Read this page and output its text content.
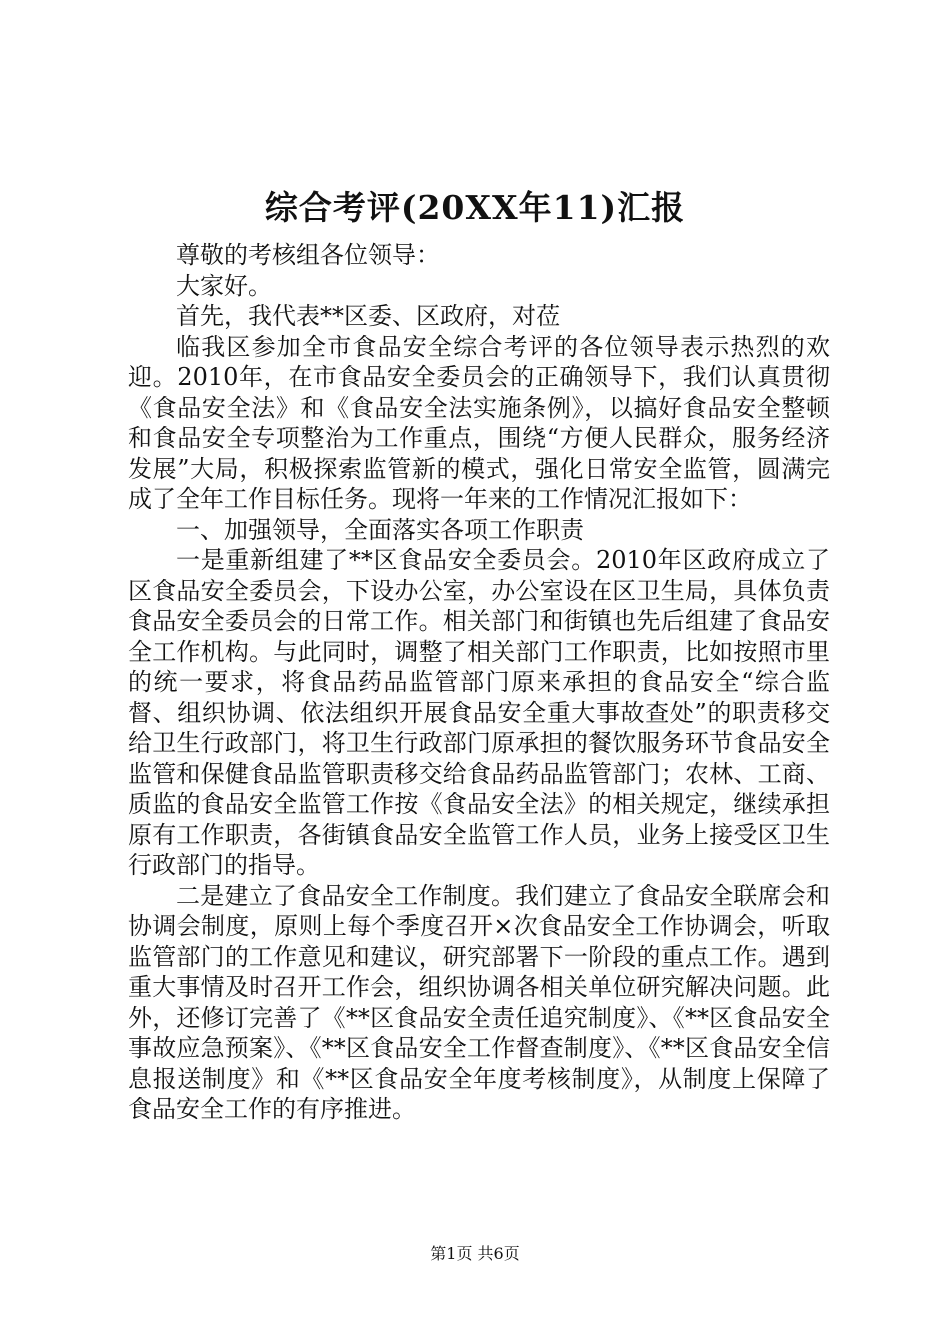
综合考评(20XX年11)汇报

尊敬的考核组各位领导：

大家好。

首先，我代表**区委、区政府，对莅

临我区参加全市食品安全综合考评的各位领导表示热烈的欢迎。2010年，在市食品安全委员会的正确领导下，我们认真贯彻《食品安全法》和《食品安全法实施条例》，以搞好食品安全整顿和食品安全专项整治为工作重点，围绕“方便人民群众，服务经济发展”大局，积极探索监管新的模式，强化日常安全监管，圆满完成了全年工作目标任务。现将一年来的工作情况汇报如下：

一、加强领导，全面落实各项工作职责

一是重新组建了**区食品安全委员会。2010年区政府成立了区食品安全委员会，下设办公室，办公室设在区卫生局，具体负责食品安全委员会的日常工作。相关部门和街镇也先后组建了食品安全工作机构。与此同时，调整了相关部门工作职责，比如按照市里的统一要求，将食品药品监管部门原来承担的食品安全“综合监督、组织协调、依法组织开展食品安全重大事故查处”的职责移交给卫生行政部门，将卫生行政部门原承担的餐饮服务环节食品安全监管和保健食品监管职责移交给食品药品监管部门；农林、工商、质监的食品安全监管工作按《食品安全法》的相关规定，继续承担原有工作职责，各街镇食品安全监管工作人员，业务上接受区卫生行政部门的指导。

二是建立了食品安全工作制度。我们建立了食品安全联席会和协调会制度，原则上每个季度召开×次食品安全工作协调会，听取监管部门的工作意见和建议，研究部署下一阶段的重点工作。遇到重大事情及时召开工作会，组织协调各相关单位研究解决问题。此外，还修订完善了《**区食品安全责任追究制度》、《**区食品安全事故应急预案》、《**区食品安全工作督查制度》、《**区食品安全信息报送制度》和《**区食品安全年度考核制度》，从制度上保障了食品安全工作的有序推进。

第1页 共6页
